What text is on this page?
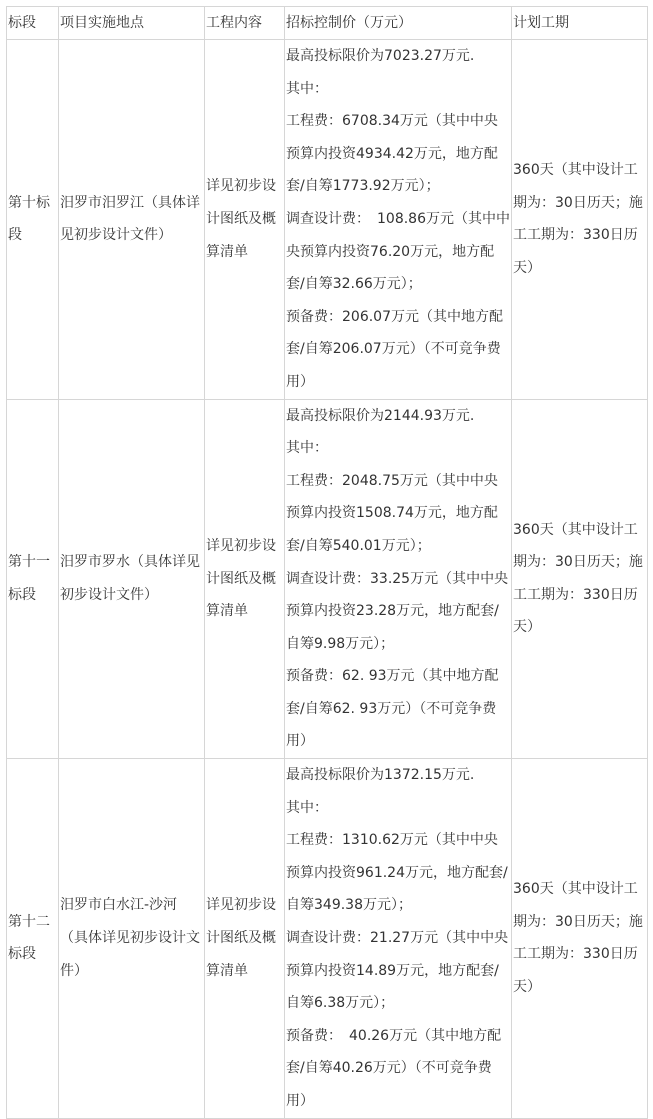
标段	项目实施地点	工程内容	招标控制价（万元）	计划工期
第十标段	汨罗市汨罗江（具体详见初步设计文件）	详见初步设计图纸及概算清单	最高投标限价为7023.27万元.
其中：
工程费：6708.34万元（其中中央预算内投资4934.42万元，地方配套/自筹1773.92万元）；
调查设计费：　108.86万元（其中中央预算内投资76.20万元，地方配套/自筹32.66万元）；
预备费：206.07万元（其中地方配套/自筹206.07万元）（不可竞争费用）	360天（其中设计工期为：30日历天；施工工期为：330日历天）
第十一标段	汨罗市罗水（具体详见初步设计文件）	详见初步设计图纸及概算清单	最高投标限价为2144.93万元.
其中：
工程费：2048.75万元（其中中央预算内投资1508.74万元，地方配套/自筹540.01万元）；
调查设计费：33.25万元（其中中央预算内投资23.28万元，地方配套/自筹9.98万元）；
预备费：62. 93万元（其中地方配套/自筹62. 93万元）（不可竞争费用）	360天（其中设计工期为：30日历天；施工工期为：330日历天）
第十二标段	汨罗市白水江-沙河（具体详见初步设计文件）	详见初步设计图纸及概算清单	最高投标限价为1372.15万元.
其中：
工程费：1310.62万元（其中中央预算内投资961.24万元，地方配套/自筹349.38万元）；
调查设计费：21.27万元（其中中央预算内投资14.89万元，地方配套/自筹6.38万元）；
预备费：　40.26万元（其中地方配套/自筹40.26万元）（不可竞争费用）	360天（其中设计工期为：30日历天；施工工期为：330日历天）
